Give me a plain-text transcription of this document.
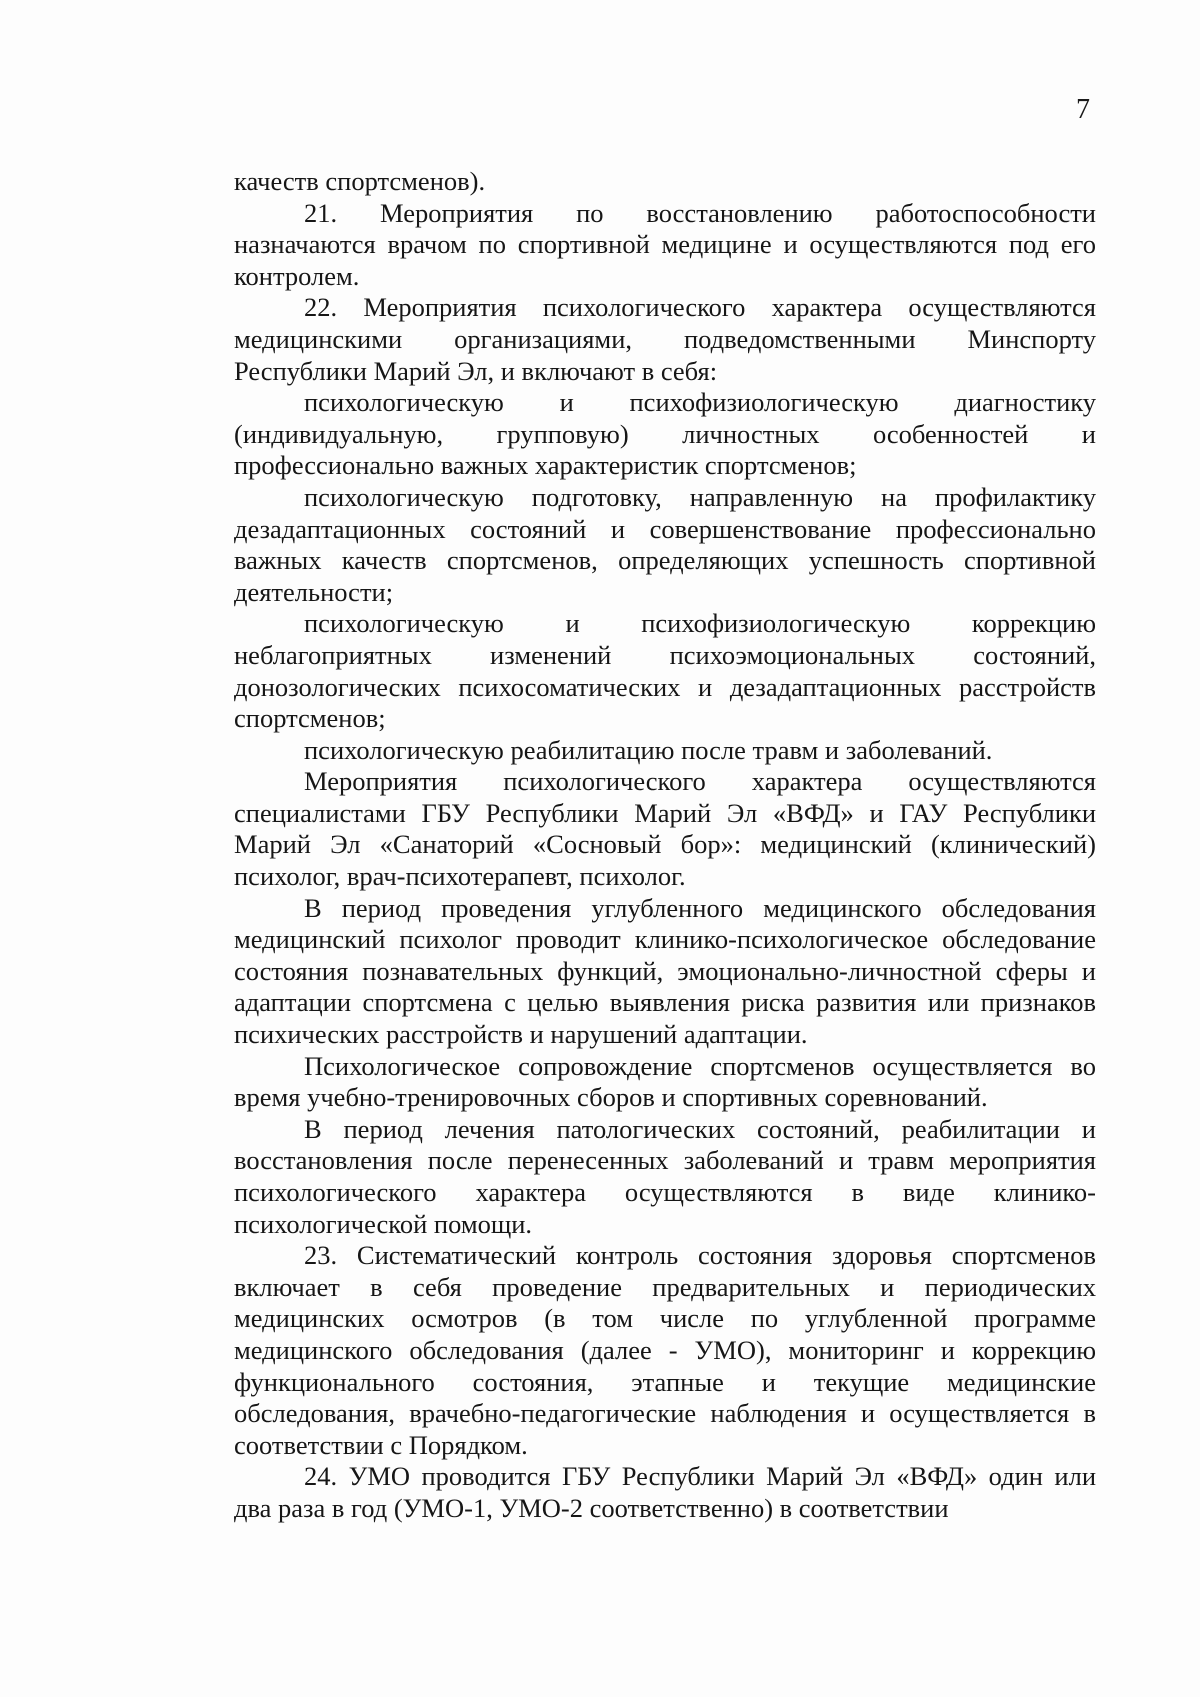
7

качеств спортсменов).

21. Мероприятия по восстановлению работоспособности назначаются врачом по спортивной медицине и осуществляются под его контролем.

22. Мероприятия психологического характера осуществляются медицинскими организациями, подведомственными Минспорту Республики Марий Эл, и включают в себя:

психологическую и психофизиологическую диагностику (индивидуальную, групповую) личностных особенностей и профессионально важных характеристик спортсменов;

психологическую подготовку, направленную на профилактику дезадаптационных состояний и совершенствование профессионально важных качеств спортсменов, определяющих успешность спортивной деятельности;

психологическую и психофизиологическую коррекцию неблагоприятных изменений психоэмоциональных состояний, донозологических психосоматических и дезадаптационных расстройств спортсменов;

психологическую реабилитацию после травм и заболеваний.

Мероприятия психологического характера осуществляются специалистами ГБУ Республики Марий Эл «ВФД» и ГАУ Республики Марий Эл «Санаторий «Сосновый бор»: медицинский (клинический) психолог, врач-психотерапевт, психолог.

В период проведения углубленного медицинского обследования медицинский психолог проводит клинико-психологическое обследование состояния познавательных функций, эмоционально-личностной сферы и адаптации спортсмена с целью выявления риска развития или признаков психических расстройств и нарушений адаптации.

Психологическое сопровождение спортсменов осуществляется во время учебно-тренировочных сборов и спортивных соревнований.

В период лечения патологических состояний, реабилитации и восстановления после перенесенных заболеваний и травм мероприятия психологического характера осуществляются в виде клинико-психологической помощи.

23. Систематический контроль состояния здоровья спортсменов включает в себя проведение предварительных и периодических медицинских осмотров (в том числе по углубленной программе медицинского обследования (далее - УМО), мониторинг и коррекцию функционального состояния, этапные и текущие медицинские обследования, врачебно-педагогические наблюдения и осуществляется в соответствии с Порядком.

24. УМО проводится ГБУ Республики Марий Эл «ВФД» один или два раза в год (УМО-1, УМО-2 соответственно) в соответствии
